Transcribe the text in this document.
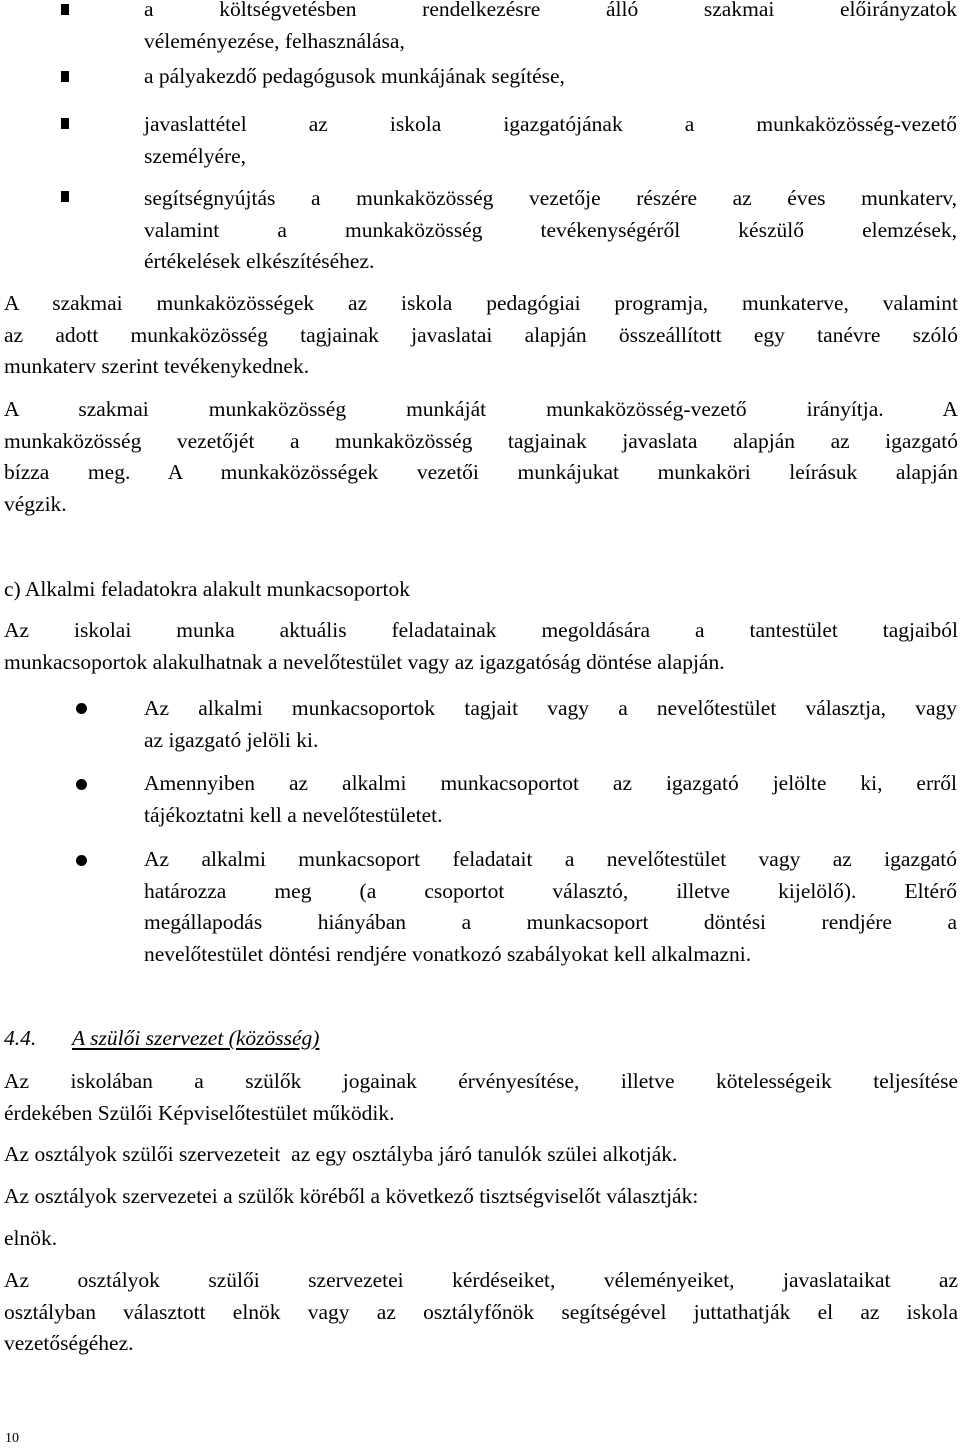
a költségvetésben rendelkezésre álló szakmai előirányzatok
véleményezése, felhasználása,
a pályakezdő pedagógusok munkájának segítése,
javaslattétel az iskola igazgatójának a munkaközösség-vezető
személyére,
segítségnyújtás a munkaközösség vezetője részére az éves munkaterv,
valamint a munkaközösség tevékenységéről készülő elemzések,
értékelések elkészítéséhez.
A szakmai munkaközösségek az iskola pedagógiai programja, munkaterve, valamint
az adott munkaközösség tagjainak javaslatai alapján összeállított egy tanévre szóló
munkaterv szerint tevékenykednek.
A szakmai munkaközösség munkáját munkaközösség-vezető irányítja. A
munkaközösség vezetőjét a munkaközösség tagjainak javaslata alapján az igazgató
bízza meg. A munkaközösségek vezetői munkájukat munkaköri leírásuk alapján
végzik.
c) Alkalmi feladatokra alakult munkacsoportok
Az iskolai munka aktuális feladatainak megoldására a tantestület tagjaiból
munkacsoportok alakulhatnak a nevelőtestület vagy az igazgatóság döntése alapján.
Az alkalmi munkacsoportok tagjait vagy a nevelőtestület választja, vagy
az igazgató jelöli ki.
Amennyiben az alkalmi munkacsoportot az igazgató jelölte ki, erről
tájékoztatni kell a nevelőtestületet.
Az alkalmi munkacsoport feladatait a nevelőtestület vagy az igazgató
határozza meg (a csoportot választó, illetve kijelölő). Eltérő
megállapodás hiányában a munkacsoport döntési rendjére a
nevelőtestület döntési rendjére vonatkozó szabályokat kell alkalmazni.
4.4. A szülői szervezet (közösség)
Az iskolában a szülők jogainak érvényesítése, illetve kötelességeik teljesítése
érdekében Szülői Képviselőtestület működik.
Az osztályok szülői szervezeteit  az egy osztályba járó tanulók szülei alkotják.
Az osztályok szervezetei a szülők köréből a következő tisztségviselőt választják:
elnök.
Az osztályok szülői szervezetei kérdéseiket, véleményeiket, javaslataikat az
osztályban választott elnök vagy az osztályfőnök segítségével juttathatják el az iskola
vezetőségéhez.
10
